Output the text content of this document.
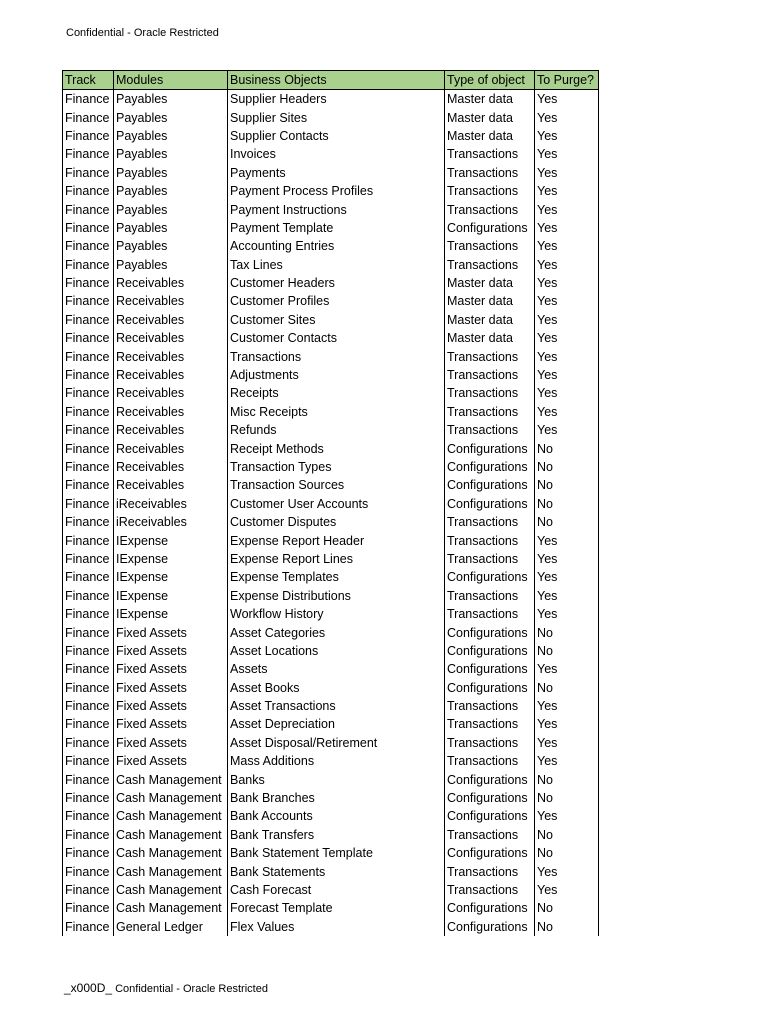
Confidential - Oracle Restricted
Track	Modules	Business Objects	Type of object	To Purge?
Finance	Payables	Supplier Headers	Master data	Yes
Finance	Payables	Supplier Sites	Master data	Yes
Finance	Payables	Supplier Contacts	Master data	Yes
Finance	Payables	Invoices	Transactions	Yes
Finance	Payables	Payments	Transactions	Yes
Finance	Payables	Payment Process Profiles	Transactions	Yes
Finance	Payables	Payment Instructions	Transactions	Yes
Finance	Payables	Payment Template	Configurations	Yes
Finance	Payables	Accounting Entries	Transactions	Yes
Finance	Payables	Tax Lines	Transactions	Yes
Finance	Receivables	Customer Headers	Master data	Yes
Finance	Receivables	Customer Profiles	Master data	Yes
Finance	Receivables	Customer Sites	Master data	Yes
Finance	Receivables	Customer Contacts	Master data	Yes
Finance	Receivables	Transactions	Transactions	Yes
Finance	Receivables	Adjustments	Transactions	Yes
Finance	Receivables	Receipts	Transactions	Yes
Finance	Receivables	Misc Receipts	Transactions	Yes
Finance	Receivables	Refunds	Transactions	Yes
Finance	Receivables	Receipt Methods	Configurations	No
Finance	Receivables	Transaction Types	Configurations	No
Finance	Receivables	Transaction Sources	Configurations	No
Finance	iReceivables	Customer User Accounts	Configurations	No
Finance	iReceivables	Customer Disputes	Transactions	No
Finance	IExpense	Expense Report Header	Transactions	Yes
Finance	IExpense	Expense Report Lines	Transactions	Yes
Finance	IExpense	Expense Templates	Configurations	Yes
Finance	IExpense	Expense Distributions	Transactions	Yes
Finance	IExpense	Workflow History	Transactions	Yes
Finance	Fixed Assets	Asset Categories	Configurations	No
Finance	Fixed Assets	Asset Locations	Configurations	No
Finance	Fixed Assets	Assets	Configurations	Yes
Finance	Fixed Assets	Asset Books	Configurations	No
Finance	Fixed Assets	Asset Transactions	Transactions	Yes
Finance	Fixed Assets	Asset Depreciation	Transactions	Yes
Finance	Fixed Assets	Asset Disposal/Retirement	Transactions	Yes
Finance	Fixed Assets	Mass Additions	Transactions	Yes
Finance	Cash Management	Banks	Configurations	No
Finance	Cash Management	Bank Branches	Configurations	No
Finance	Cash Management	Bank Accounts	Configurations	Yes
Finance	Cash Management	Bank Transfers	Transactions	No
Finance	Cash Management	Bank Statement Template	Configurations	No
Finance	Cash Management	Bank Statements	Transactions	Yes
Finance	Cash Management	Cash Forecast	Transactions	Yes
Finance	Cash Management	Forecast Template	Configurations	No
Finance	General Ledger	Flex Values	Configurations	No
_x000D_ Confidential - Oracle Restricted
